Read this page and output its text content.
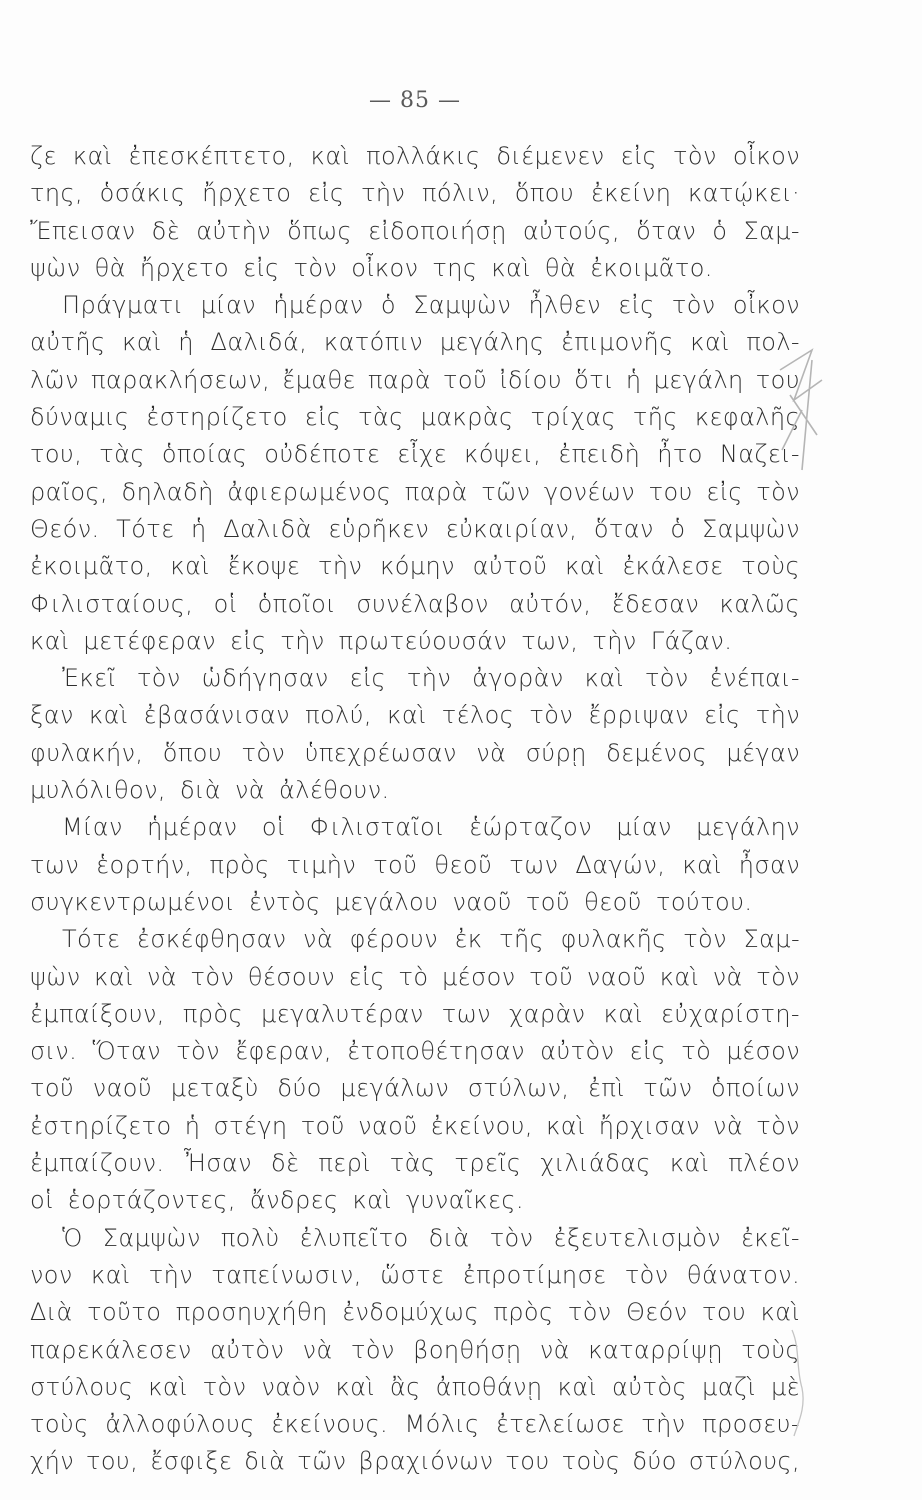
— 85 —
ζε καὶ ἐπεσκέπτετο, καὶ πολλάκις διέμενεν εἰς τὸν οἶκον
της, ὁσάκις ἤρχετο εἰς τὴν πόλιν, ὅπου ἐκείνη κατῴκει·
Ἔπεισαν δὲ αὐτὴν ὅπως εἰδοποιήσῃ αὐτούς, ὅταν ὁ Σαμ-
ψὼν θὰ ἤρχετο εἰς τὸν οἶκον της καὶ θὰ ἐκοιμᾶτο.
Πράγματι μίαν ἡμέραν ὁ Σαμψὼν ἦλθεν εἰς τὸν οἶκον
αὐτῆς καὶ ἡ Δαλιδά, κατόπιν μεγάλης ἐπιμονῆς καὶ πολ-
λῶν παρακλήσεων, ἔμαθε παρὰ τοῦ ἰδίου ὅτι ἡ μεγάλη του
δύναμις ἐστηρίζετο εἰς τὰς μακρὰς τρίχας τῆς κεφαλῆς
του, τὰς ὁποίας οὐδέποτε εἶχε κόψει, ἐπειδὴ ἦτο Ναζει-
ραῖος, δηλαδὴ ἀφιερωμένος παρὰ τῶν γονέων του εἰς τὸν
Θεόν. Τότε ἡ Δαλιδὰ εὑρῆκεν εὐκαιρίαν, ὅταν ὁ Σαμψὼν
ἐκοιμᾶτο, καὶ ἔκοψε τὴν κόμην αὐτοῦ καὶ ἐκάλεσε τοὺς
Φιλισταίους, οἱ ὁποῖοι συνέλαβον αὐτόν, ἔδεσαν καλῶς
καὶ μετέφεραν εἰς τὴν πρωτεύουσάν των, τὴν Γάζαν.
Ἐκεῖ τὸν ὡδήγησαν εἰς τὴν ἀγορὰν καὶ τὸν ἐνέπαι-
ξαν καὶ ἐβασάνισαν πολύ, καὶ τέλος τὸν ἔρριψαν εἰς τὴν
φυλακήν, ὅπου τὸν ὑπεχρέωσαν νὰ σύρῃ δεμένος μέγαν
μυλόλιθον, διὰ νὰ ἀλέθουν.
Μίαν ἡμέραν οἱ Φιλισταῖοι ἑώρταζον μίαν μεγάλην
των ἑορτήν, πρὸς τιμὴν τοῦ θεοῦ των Δαγών, καὶ ἦσαν
συγκεντρωμένοι ἐντὸς μεγάλου ναοῦ τοῦ θεοῦ τούτου.
Τότε ἐσκέφθησαν νὰ φέρουν ἐκ τῆς φυλακῆς τὸν Σαμ-
ψὼν καὶ νὰ τὸν θέσουν εἰς τὸ μέσον τοῦ ναοῦ καὶ νὰ τὸν
ἐμπαίξουν, πρὸς μεγαλυτέραν των χαρὰν καὶ εὐχαρίστη-
σιν. Ὅταν τὸν ἔφεραν, ἐτοποθέτησαν αὐτὸν εἰς τὸ μέσον
τοῦ ναοῦ μεταξὺ δύο μεγάλων στύλων, ἐπὶ τῶν ὁποίων
ἐστηρίζετο ἡ στέγη τοῦ ναοῦ ἐκείνου, καὶ ἤρχισαν νὰ τὸν
ἐμπαίζουν. Ἦσαν δὲ περὶ τὰς τρεῖς χιλιάδας καὶ πλέον
οἱ ἑορτάζοντες, ἄνδρες καὶ γυναῖκες.
Ὁ Σαμψὼν πολὺ ἐλυπεῖτο διὰ τὸν ἐξευτελισμὸν ἐκεῖ-
νον καὶ τὴν ταπείνωσιν, ὥστε ἐπροτίμησε τὸν θάνατον.
Διὰ τοῦτο προσηυχήθη ἐνδομύχως πρὸς τὸν Θεόν του καὶ
παρεκάλεσεν αὐτὸν νὰ τὸν βοηθήσῃ νὰ καταρρίψῃ τοὺς
στύλους καὶ τὸν ναὸν καὶ ἂς ἀποθάνῃ καὶ αὐτὸς μαζὶ μὲ
τοὺς ἀλλοφύλους ἐκείνους. Μόλις ἐτελείωσε τὴν προσευ-
χήν του, ἔσφιξε διὰ τῶν βραχιόνων του τοὺς δύο στύλους,
